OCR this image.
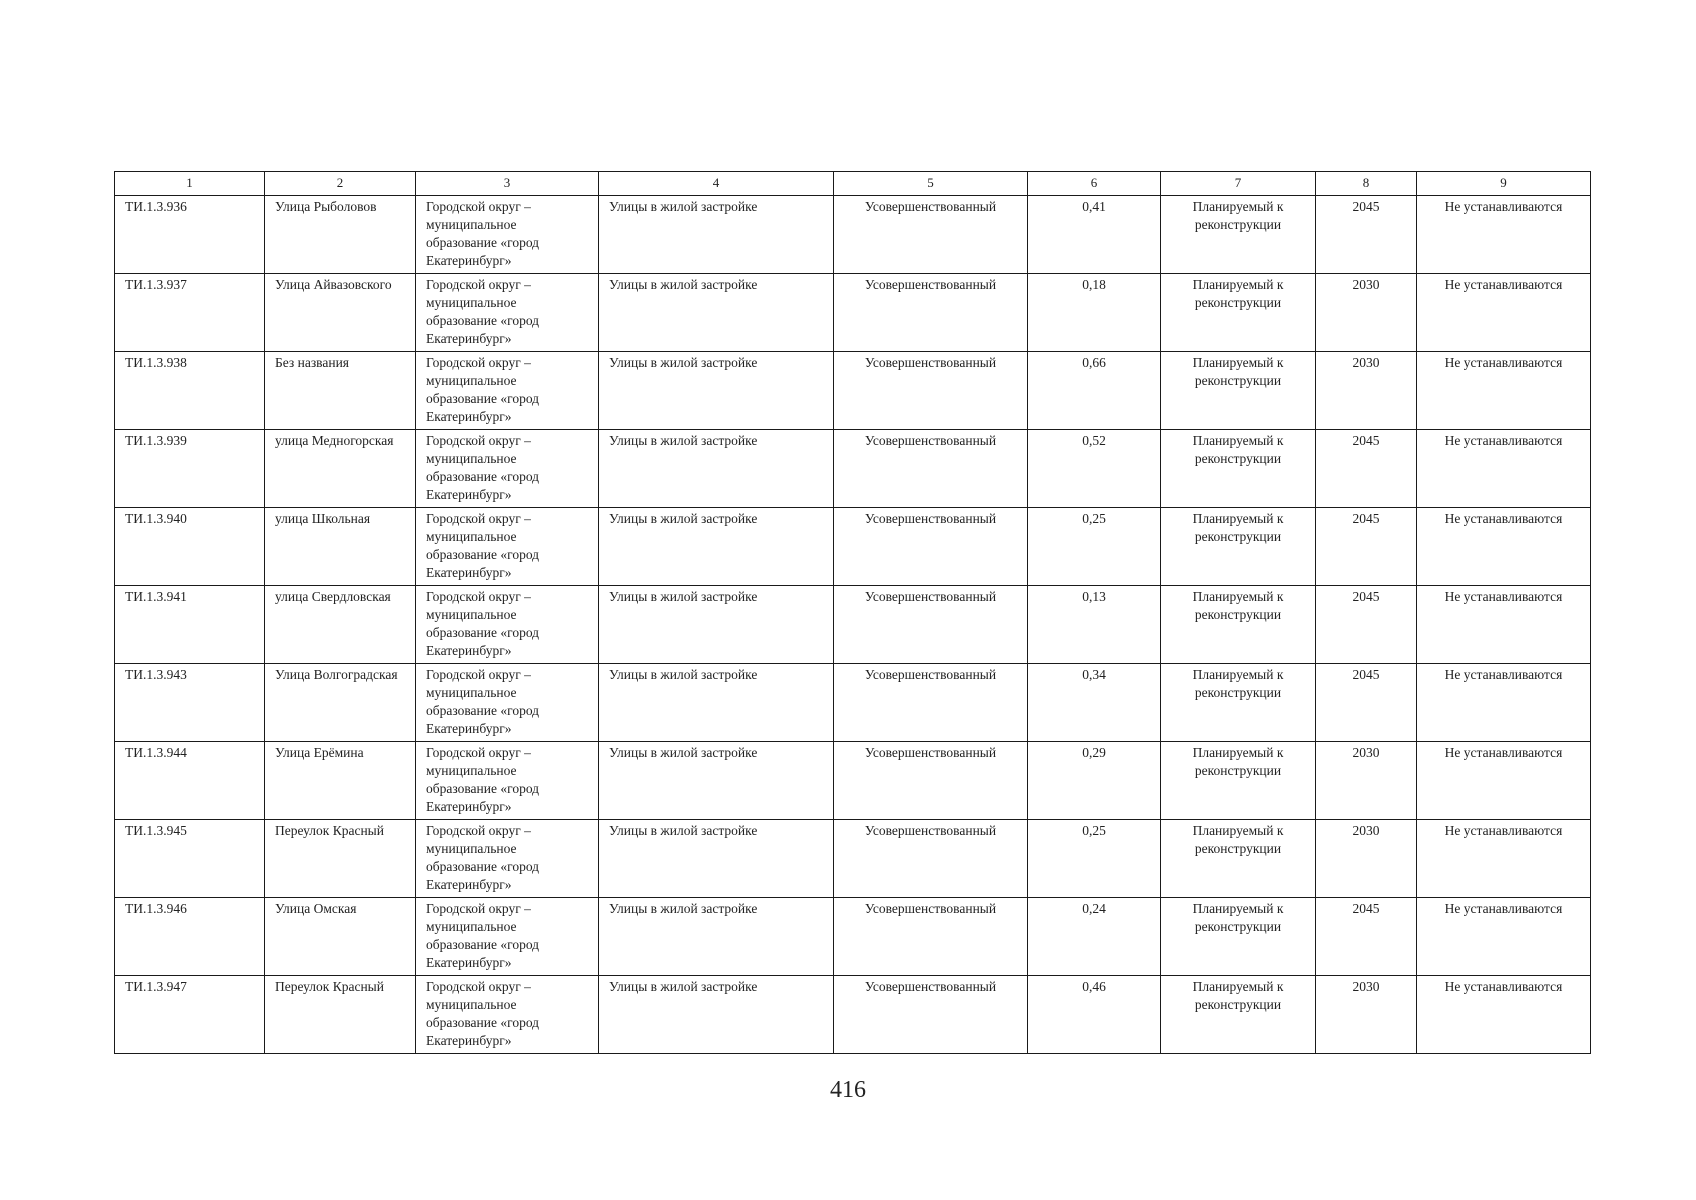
1	2	3	4	5	6	7	8	9
ТИ.1.3.936	Улица Рыболовов	Городской округ – муниципальное образование «город Екатеринбург»	Улицы в жилой застройке	Усовершенствованный	0,41	Планируемый к реконструкции	2045	Не устанавливаются
ТИ.1.3.937	Улица Айвазовского	Городской округ – муниципальное образование «город Екатеринбург»	Улицы в жилой застройке	Усовершенствованный	0,18	Планируемый к реконструкции	2030	Не устанавливаются
ТИ.1.3.938	Без названия	Городской округ – муниципальное образование «город Екатеринбург»	Улицы в жилой застройке	Усовершенствованный	0,66	Планируемый к реконструкции	2030	Не устанавливаются
ТИ.1.3.939	улица Медногорская	Городской округ – муниципальное образование «город Екатеринбург»	Улицы в жилой застройке	Усовершенствованный	0,52	Планируемый к реконструкции	2045	Не устанавливаются
ТИ.1.3.940	улица Школьная	Городской округ – муниципальное образование «город Екатеринбург»	Улицы в жилой застройке	Усовершенствованный	0,25	Планируемый к реконструкции	2045	Не устанавливаются
ТИ.1.3.941	улица Свердловская	Городской округ – муниципальное образование «город Екатеринбург»	Улицы в жилой застройке	Усовершенствованный	0,13	Планируемый к реконструкции	2045	Не устанавливаются
ТИ.1.3.943	Улица Волгоградская	Городской округ – муниципальное образование «город Екатеринбург»	Улицы в жилой застройке	Усовершенствованный	0,34	Планируемый к реконструкции	2045	Не устанавливаются
ТИ.1.3.944	Улица Ерёмина	Городской округ – муниципальное образование «город Екатеринбург»	Улицы в жилой застройке	Усовершенствованный	0,29	Планируемый к реконструкции	2030	Не устанавливаются
ТИ.1.3.945	Переулок Красный	Городской округ – муниципальное образование «город Екатеринбург»	Улицы в жилой застройке	Усовершенствованный	0,25	Планируемый к реконструкции	2030	Не устанавливаются
ТИ.1.3.946	Улица Омская	Городской округ – муниципальное образование «город Екатеринбург»	Улицы в жилой застройке	Усовершенствованный	0,24	Планируемый к реконструкции	2045	Не устанавливаются
ТИ.1.3.947	Переулок Красный	Городской округ – муниципальное образование «город Екатеринбург»	Улицы в жилой застройке	Усовершенствованный	0,46	Планируемый к реконструкции	2030	Не устанавливаются
416
